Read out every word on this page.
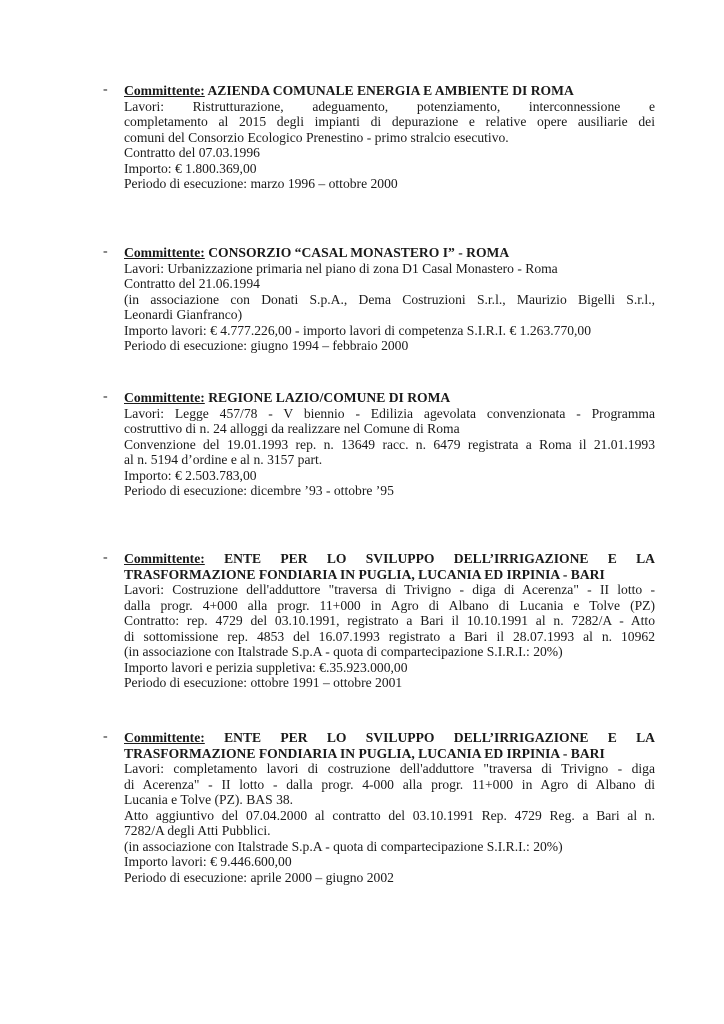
- Committente: AZIENDA COMUNALE ENERGIA E AMBIENTE DI ROMA
Lavori: Ristrutturazione, adeguamento, potenziamento, interconnessione e
completamento al 2015 degli impianti di depurazione e relative opere ausiliarie dei
comuni del Consorzio Ecologico Prenestino - primo stralcio esecutivo.
Contratto del 07.03.1996
Importo: € 1.800.369,00
Periodo di esecuzione: marzo 1996 – ottobre 2000
- Committente: CONSORZIO “CASAL MONASTERO I” - ROMA
Lavori: Urbanizzazione primaria nel piano di zona D1 Casal Monastero - Roma
Contratto del 21.06.1994
(in associazione con Donati S.p.A., Dema Costruzioni S.r.l., Maurizio Bigelli S.r.l.,
Leonardi Gianfranco)
Importo lavori: € 4.777.226,00 - importo lavori di competenza S.I.R.I. € 1.263.770,00
Periodo di esecuzione: giugno 1994 – febbraio 2000
- Committente: REGIONE LAZIO/COMUNE DI ROMA
Lavori: Legge 457/78 - V biennio - Edilizia agevolata convenzionata - Programma
costruttivo di n. 24 alloggi da realizzare nel Comune di Roma
Convenzione del 19.01.1993 rep. n. 13649 racc. n. 6479 registrata a Roma il 21.01.1993
al n. 5194 d’ordine e al n. 3157 part.
Importo: € 2.503.783,00
Periodo di esecuzione: dicembre ’93 - ottobre ’95
- Committente: ENTE PER LO SVILUPPO DELL’IRRIGAZIONE E LA
TRASFORMAZIONE FONDIARIA IN PUGLIA, LUCANIA ED IRPINIA - BARI
Lavori: Costruzione dell'adduttore "traversa di Trivigno - diga di Acerenza" - II lotto -
dalla progr. 4+000 alla progr. 11+000 in Agro di Albano di Lucania e Tolve (PZ)
Contratto: rep. 4729 del 03.10.1991, registrato a Bari il 10.10.1991 al n. 7282/A - Atto
di sottomissione rep. 4853 del 16.07.1993 registrato a Bari il 28.07.1993 al n. 10962
(in associazione con Italstrade S.p.A - quota di compartecipazione S.I.R.I.: 20%)
Importo lavori e perizia suppletiva: €.35.923.000,00
Periodo di esecuzione: ottobre 1991 – ottobre 2001
- Committente: ENTE PER LO SVILUPPO DELL’IRRIGAZIONE E LA
TRASFORMAZIONE FONDIARIA IN PUGLIA, LUCANIA ED IRPINIA - BARI
Lavori: completamento lavori di costruzione dell'adduttore "traversa di Trivigno - diga
di Acerenza" - II lotto - dalla progr. 4-000 alla progr. 11+000 in Agro di Albano di
Lucania e Tolve (PZ). BAS 38.
Atto aggiuntivo del 07.04.2000 al contratto del 03.10.1991 Rep. 4729 Reg. a Bari al n.
7282/A degli Atti Pubblici.
(in associazione con Italstrade S.p.A - quota di compartecipazione S.I.R.I.: 20%)
Importo lavori: € 9.446.600,00
Periodo di esecuzione: aprile 2000 – giugno 2002
